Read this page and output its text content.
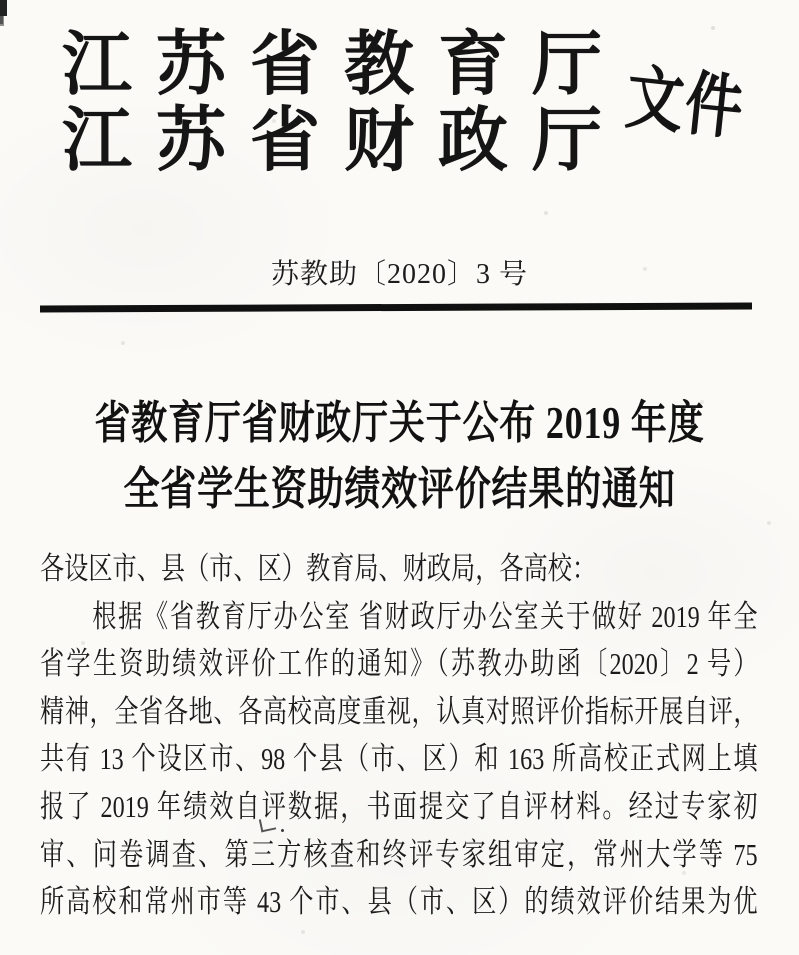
江苏省教育厅
江苏省财政厅
文件
苏教助〔2020〕3 号
省教育厅省财政厅关于公布 2019 年度
全省学生资助绩效评价结果的通知
各设区市、县（市、区）教育局、财政局，各高校：
根据《省教育厅办公室 省财政厅办公室关于做好 2019 年全
省学生资助绩效评价工作的通知》（苏教办助函〔2020〕2 号）
精神，全省各地、各高校高度重视，认真对照评价指标开展自评，
共有 13 个设区市、98 个县（市、区）和 163 所高校正式网上填
报了 2019 年绩效自评数据，书面提交了自评材料。经过专家初
审、问卷调查、第三方核查和终评专家组审定，常州大学等 75
所高校和常州市等 43 个市、县（市、区）的绩效评价结果为优
